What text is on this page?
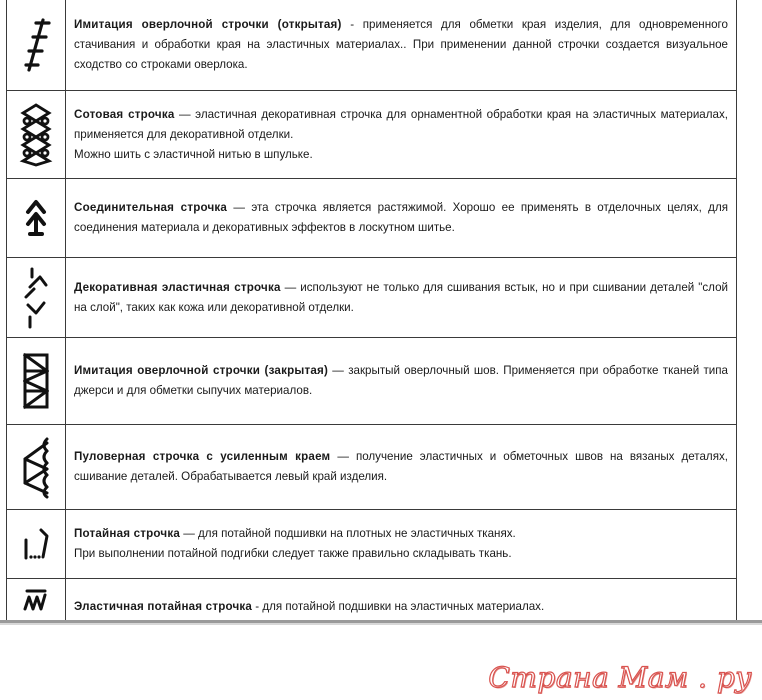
Имитация оверлочной строчки (открытая) - применяется для обметки края изделия, для одновременного стачивания и обработки края на эластичных материалах.. При применении данной строчки создается визуальное сходство со строками оверлока.

Сотовая строчка — эластичная декоративная строчка для орнаментной обработки края на эластичных материалах, применяется для декоративной отделки.

Можно шить с эластичной нитью в шпульке.

Соединительная строчка — эта строчка является растяжимой. Хорошо ее применять в отделочных целях, для соединения материала и декоративных эффектов в лоскутном шитье.

Декоративная эластичная строчка — используют не только для сшивания встык, но и при сшивании деталей "слой на слой", таких как кожа или декоративной отделки.

Имитация оверлочной строчки (закрытая) — закрытый оверлочный шов. Применяется при обработке тканей типа джерси и для обметки сыпучих материалов.

Пуловерная строчка с усиленным краем — получение эластичных и обметочных швов на вязаных деталях, сшивание деталей. Обрабатывается левый край изделия.

Потайная строчка — для потайной подшивки на плотных не эластичных тканях.

При выполнении потайной подгибки следует также правильно складывать ткань.

Эластичная потайная строчка - для потайной подшивки на эластичных материалах.

Страна Мам . ру
